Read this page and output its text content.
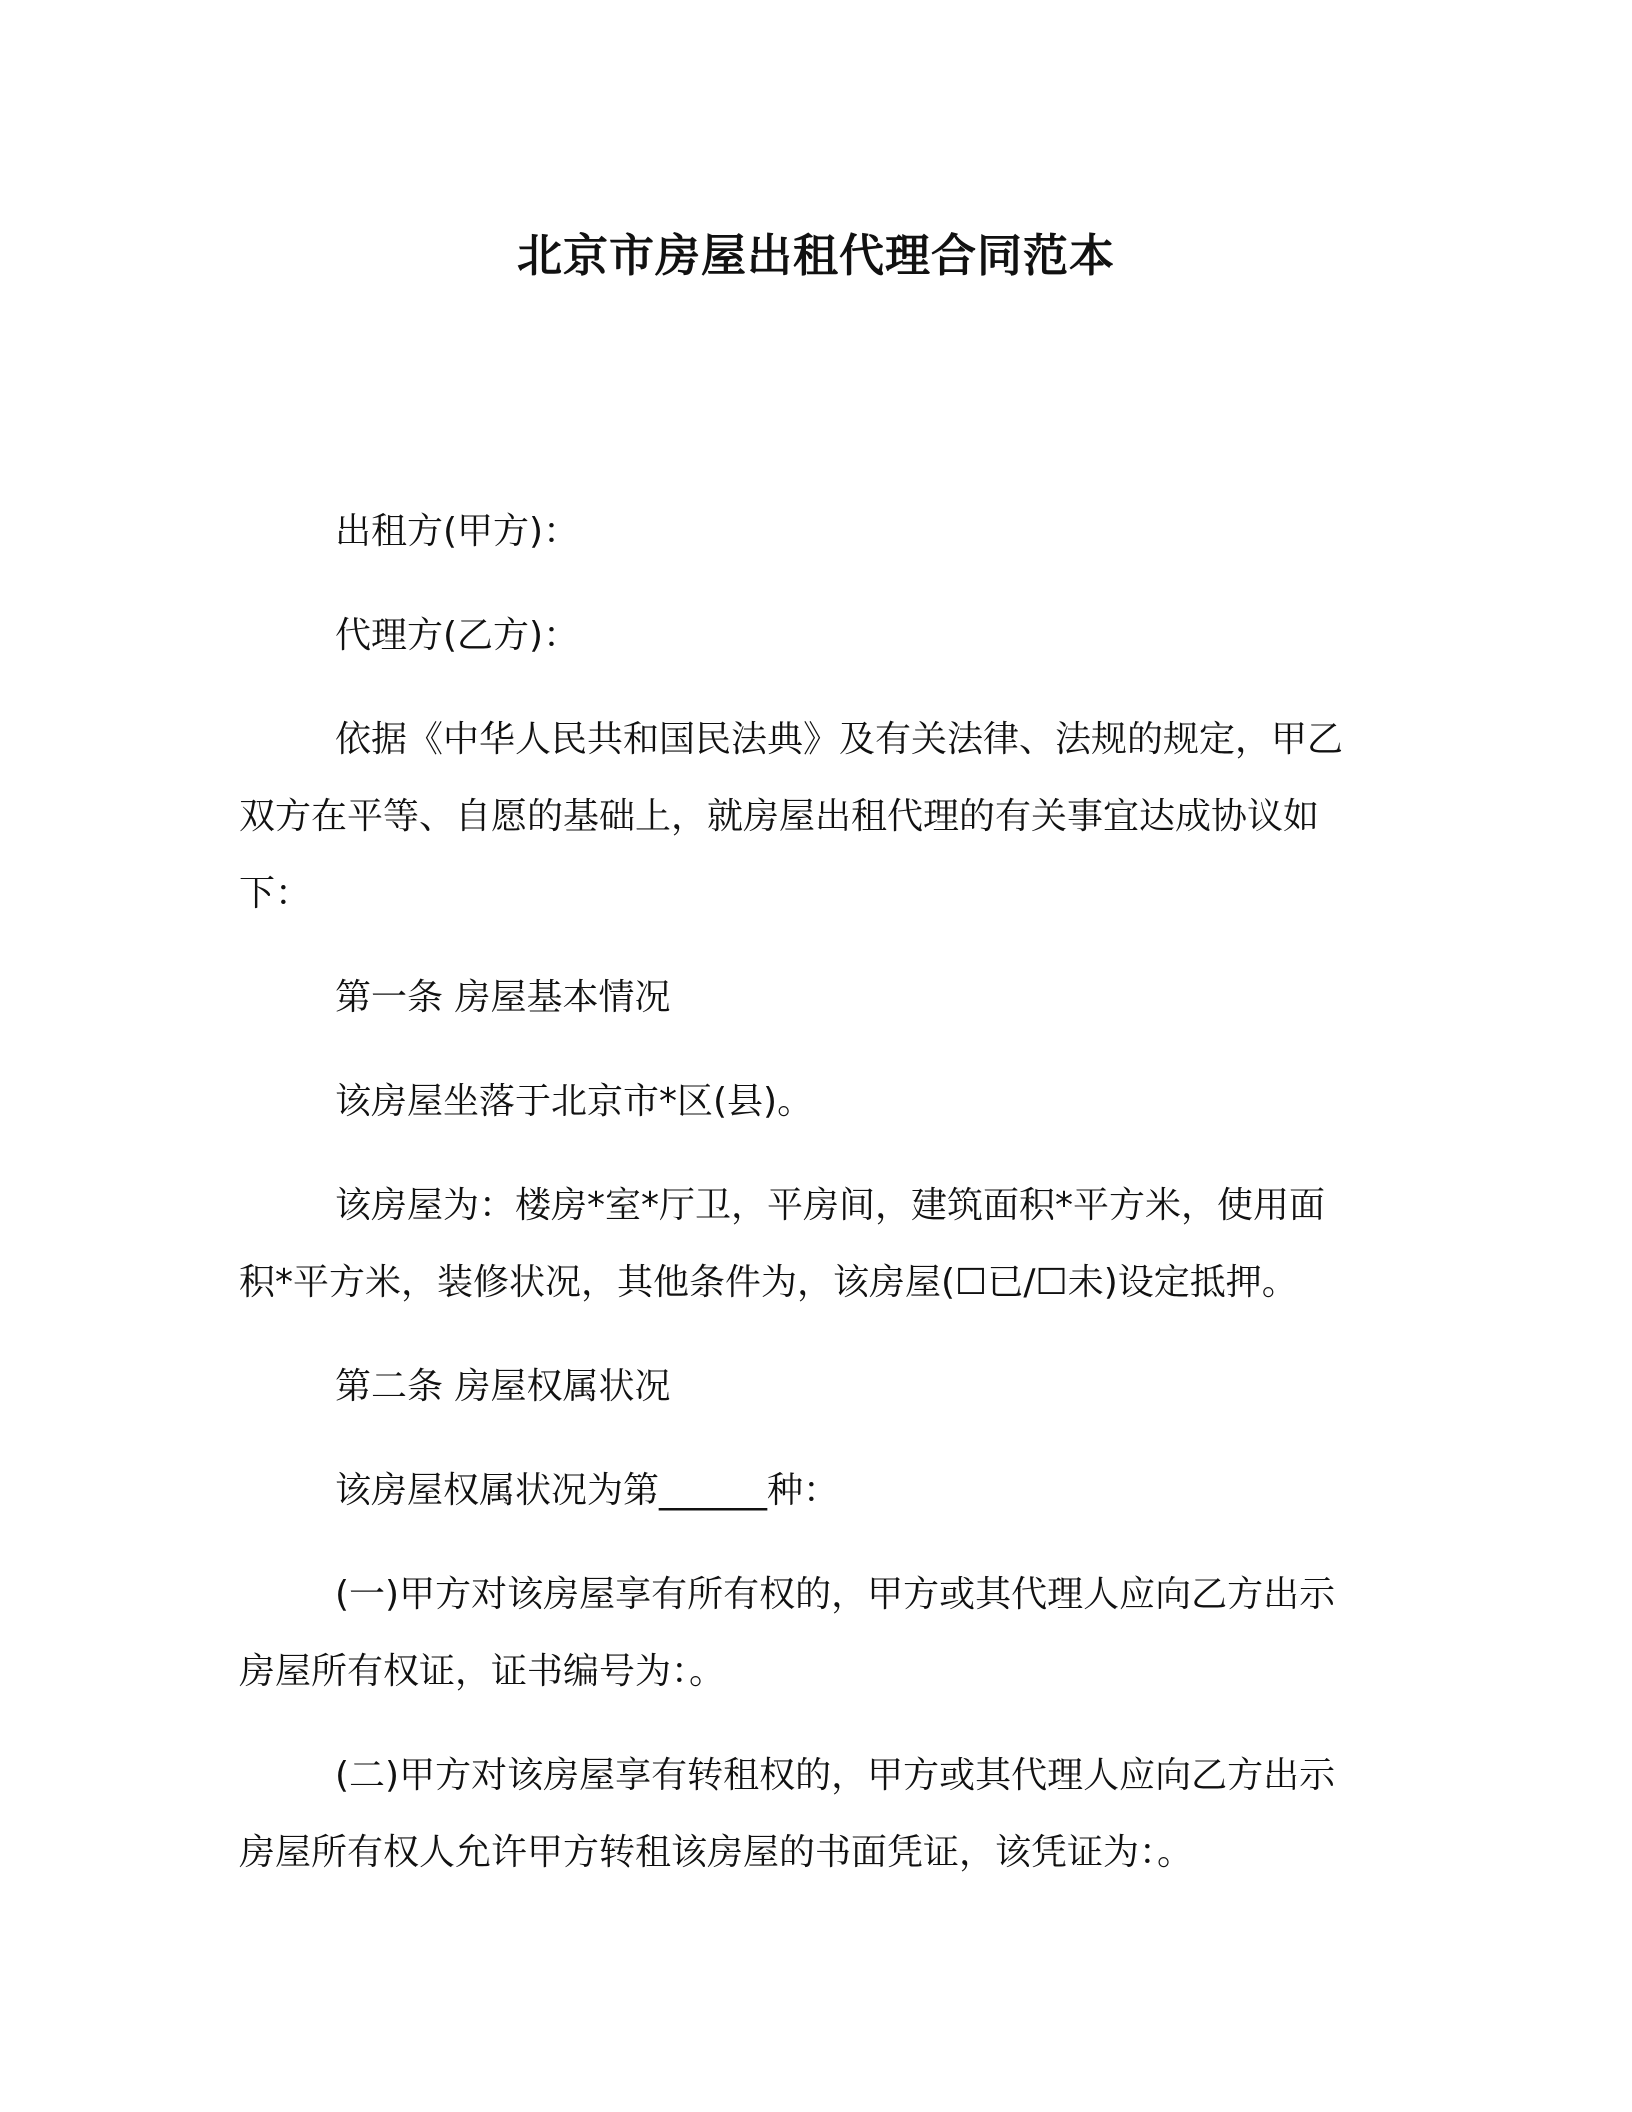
北京市房屋出租代理合同范本

出租方(甲方)：

代理方(乙方)：

依据《中华人民共和国民法典》及有关法律、法规的规定，甲乙
双方在平等、自愿的基础上，就房屋出租代理的有关事宜达成协议如
下：

第一条 房屋基本情况

该房屋坐落于北京市*区(县)。

该房屋为：楼房*室*厅卫，平房间，建筑面积*平方米，使用面
积*平方米，装修状况，其他条件为，该房屋(☐已/☐未)设定抵押。

第二条 房屋权属状况

该房屋权属状况为第______种：

(一)甲方对该房屋享有所有权的，甲方或其代理人应向乙方出示
房屋所有权证，证书编号为：。

(二)甲方对该房屋享有转租权的，甲方或其代理人应向乙方出示
房屋所有权人允许甲方转租该房屋的书面凭证，该凭证为：。
